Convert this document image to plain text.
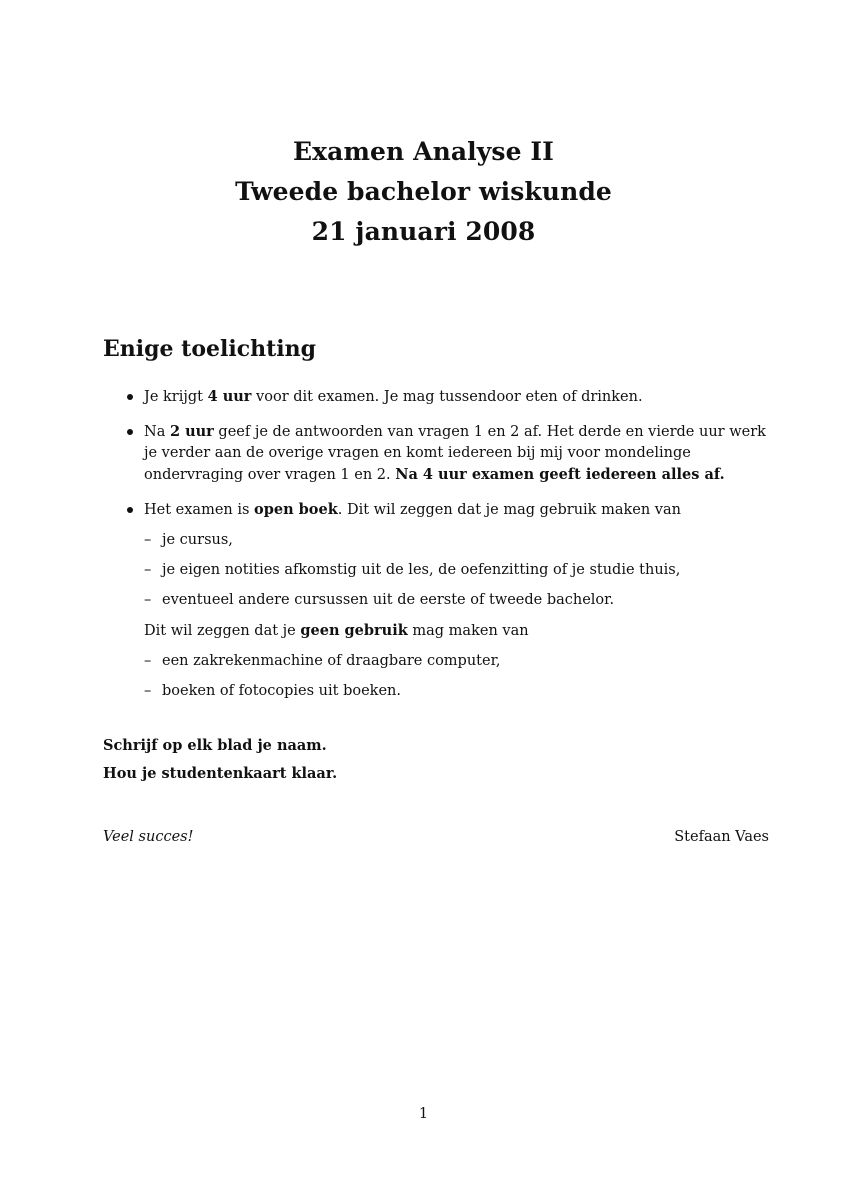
Examen Analyse II
Tweede bachelor wiskunde
21 januari 2008
Enige toelichting
Je krijgt 4 uur voor dit examen. Je mag tussendoor eten of drinken.
Na 2 uur geef je de antwoorden van vragen 1 en 2 af. Het derde en vierde uur werk je verder aan de overige vragen en komt iedereen bij mij voor mondelinge ondervraging over vragen 1 en 2. Na 4 uur examen geeft iedereen alles af.
Het examen is open boek. Dit wil zeggen dat je mag gebruik maken van
– je cursus,
– je eigen notities afkomstig uit de les, de oefenzitting of je studie thuis,
– eventueel andere cursussen uit de eerste of tweede bachelor.
Dit wil zeggen dat je geen gebruik mag maken van
– een zakrekenmachine of draagbare computer,
– boeken of fotocopies uit boeken.
Schrijf op elk blad je naam.
Hou je studentenkaart klaar.
Veel succes!	Stefaan Vaes
1
